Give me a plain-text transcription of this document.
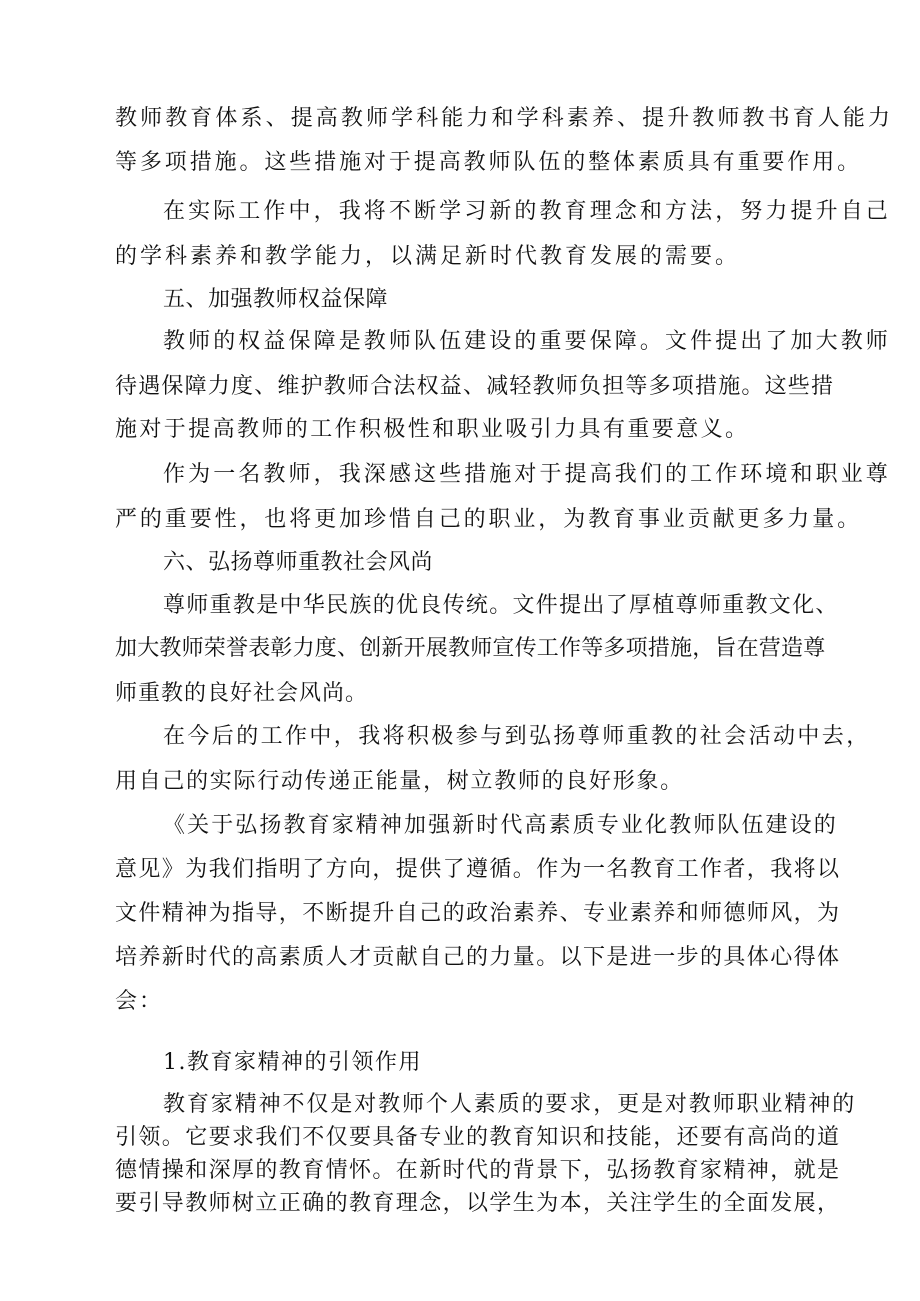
教师教育体系、提高教师学科能力和学科素养、提升教师教书育人能力
等多项措施。这些措施对于提高教师队伍的整体素质具有重要作用。
在实际工作中，我将不断学习新的教育理念和方法，努力提升自己
的学科素养和教学能力，以满足新时代教育发展的需要。
五、加强教师权益保障
教师的权益保障是教师队伍建设的重要保障。文件提出了加大教师
待遇保障力度、维护教师合法权益、减轻教师负担等多项措施。这些措
施对于提高教师的工作积极性和职业吸引力具有重要意义。
作为一名教师，我深感这些措施对于提高我们的工作环境和职业尊
严的重要性，也将更加珍惜自己的职业，为教育事业贡献更多力量。
六、弘扬尊师重教社会风尚
尊师重教是中华民族的优良传统。文件提出了厚植尊师重教文化、
加大教师荣誉表彰力度、创新开展教师宣传工作等多项措施，旨在营造尊
师重教的良好社会风尚。
在今后的工作中，我将积极参与到弘扬尊师重教的社会活动中去，
用自己的实际行动传递正能量，树立教师的良好形象。
《关于弘扬教育家精神加强新时代高素质专业化教师队伍建设的
意见》为我们指明了方向，提供了遵循。作为一名教育工作者，我将以
文件精神为指导，不断提升自己的政治素养、专业素养和师德师风，为
培养新时代的高素质人才贡献自己的力量。以下是进一步的具体心得体
会：
1.教育家精神的引领作用
教育家精神不仅是对教师个人素质的要求，更是对教师职业精神的
引领。它要求我们不仅要具备专业的教育知识和技能，还要有高尚的道
德情操和深厚的教育情怀。在新时代的背景下，弘扬教育家精神，就是
要引导教师树立正确的教育理念，以学生为本，关注学生的全面发展，
